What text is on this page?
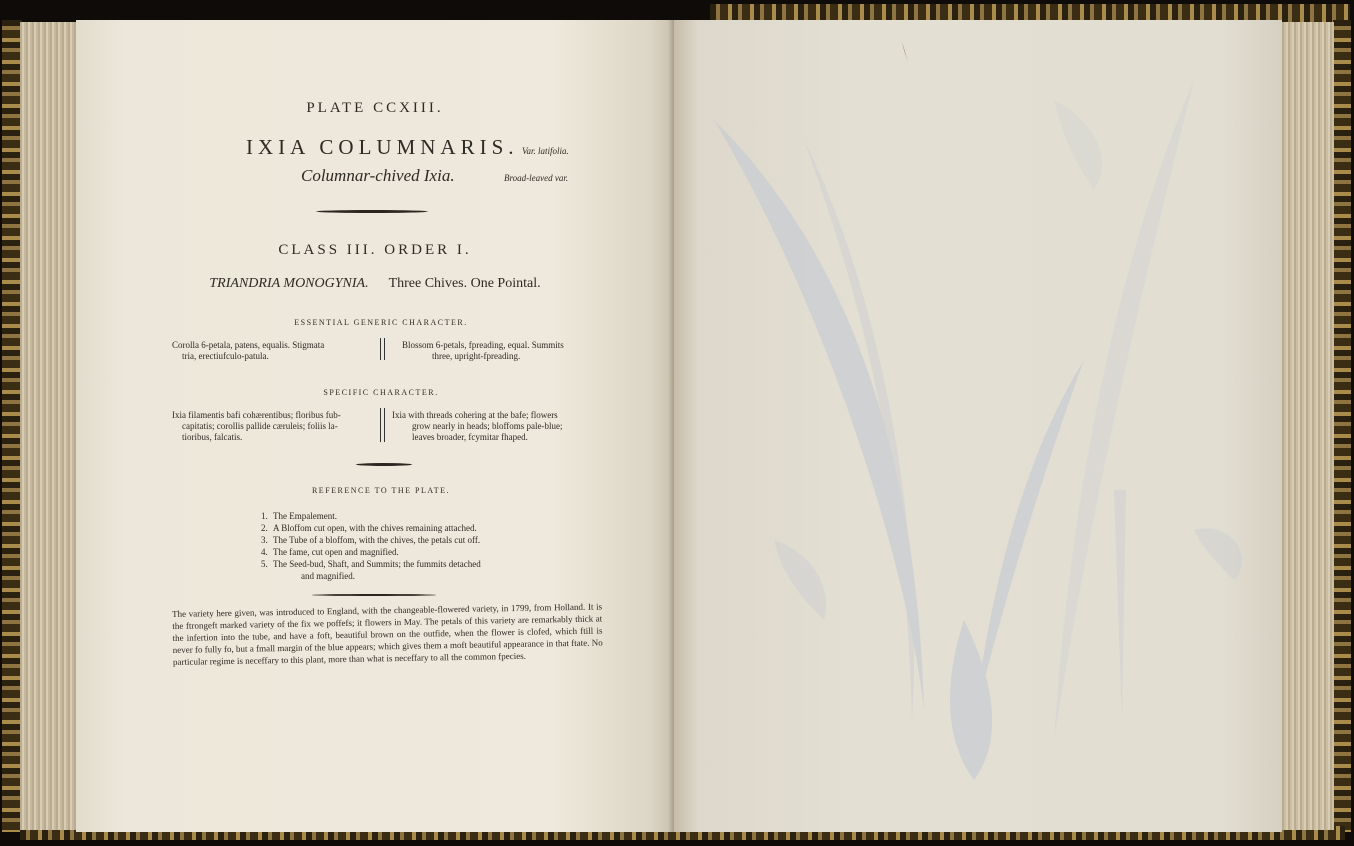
PLATE CCXIII.
IXIA COLUMNARIS. Var. latifolia.
Columnar-chived Ixia.	Broad-leaved var.
CLASS III. ORDER I.
TRIANDRIA MONOGYNIA. Three Chives. One Pointal.
ESSENTIAL GENERIC CHARACTER.
Corolla 6-petala, patens, equalis. Stigmata
tria, erectiufculo-patula.
Blossom 6-petals, fpreading, equal. Summits
three, upright-fpreading.
SPECIFIC CHARACTER.
Ixia filamentis bafi cohærentibus; floribus fub-
capitatis; corollis pallide cæruleis; foliis la-
tioribus, falcatis.
Ixia with threads cohering at the bafe; flowers
grow nearly in heads; bloffoms pale-blue;
leaves broader, fcymitar fhaped.
REFERENCE TO THE PLATE.
1. The Empalement.
2. A Bloffom cut open, with the chives remaining attached.
3. The Tube of a bloffom, with the chives, the petals cut off.
4. The fame, cut open and magnified.
5. The Seed-bud, Shaft, and Summits; the fummits detached
and magnified.
The variety here given, was introduced to England, with the changeable-flowered variety, in 1799, from Holland. It is the ftrongeft marked variety of the fix we poffefs; it flowers in May. The petals of this variety are remarkably thick at the infertion into the tube, and have a foft, beautiful brown on the outfide, when the flower is clofed, which ftill is never fo fully fo, but a fmall margin of the blue appears; which gives them a moft beautiful appearance in that ftate. No particular regime is neceffary to this plant, more than what is neceffary to all the common fpecies.
